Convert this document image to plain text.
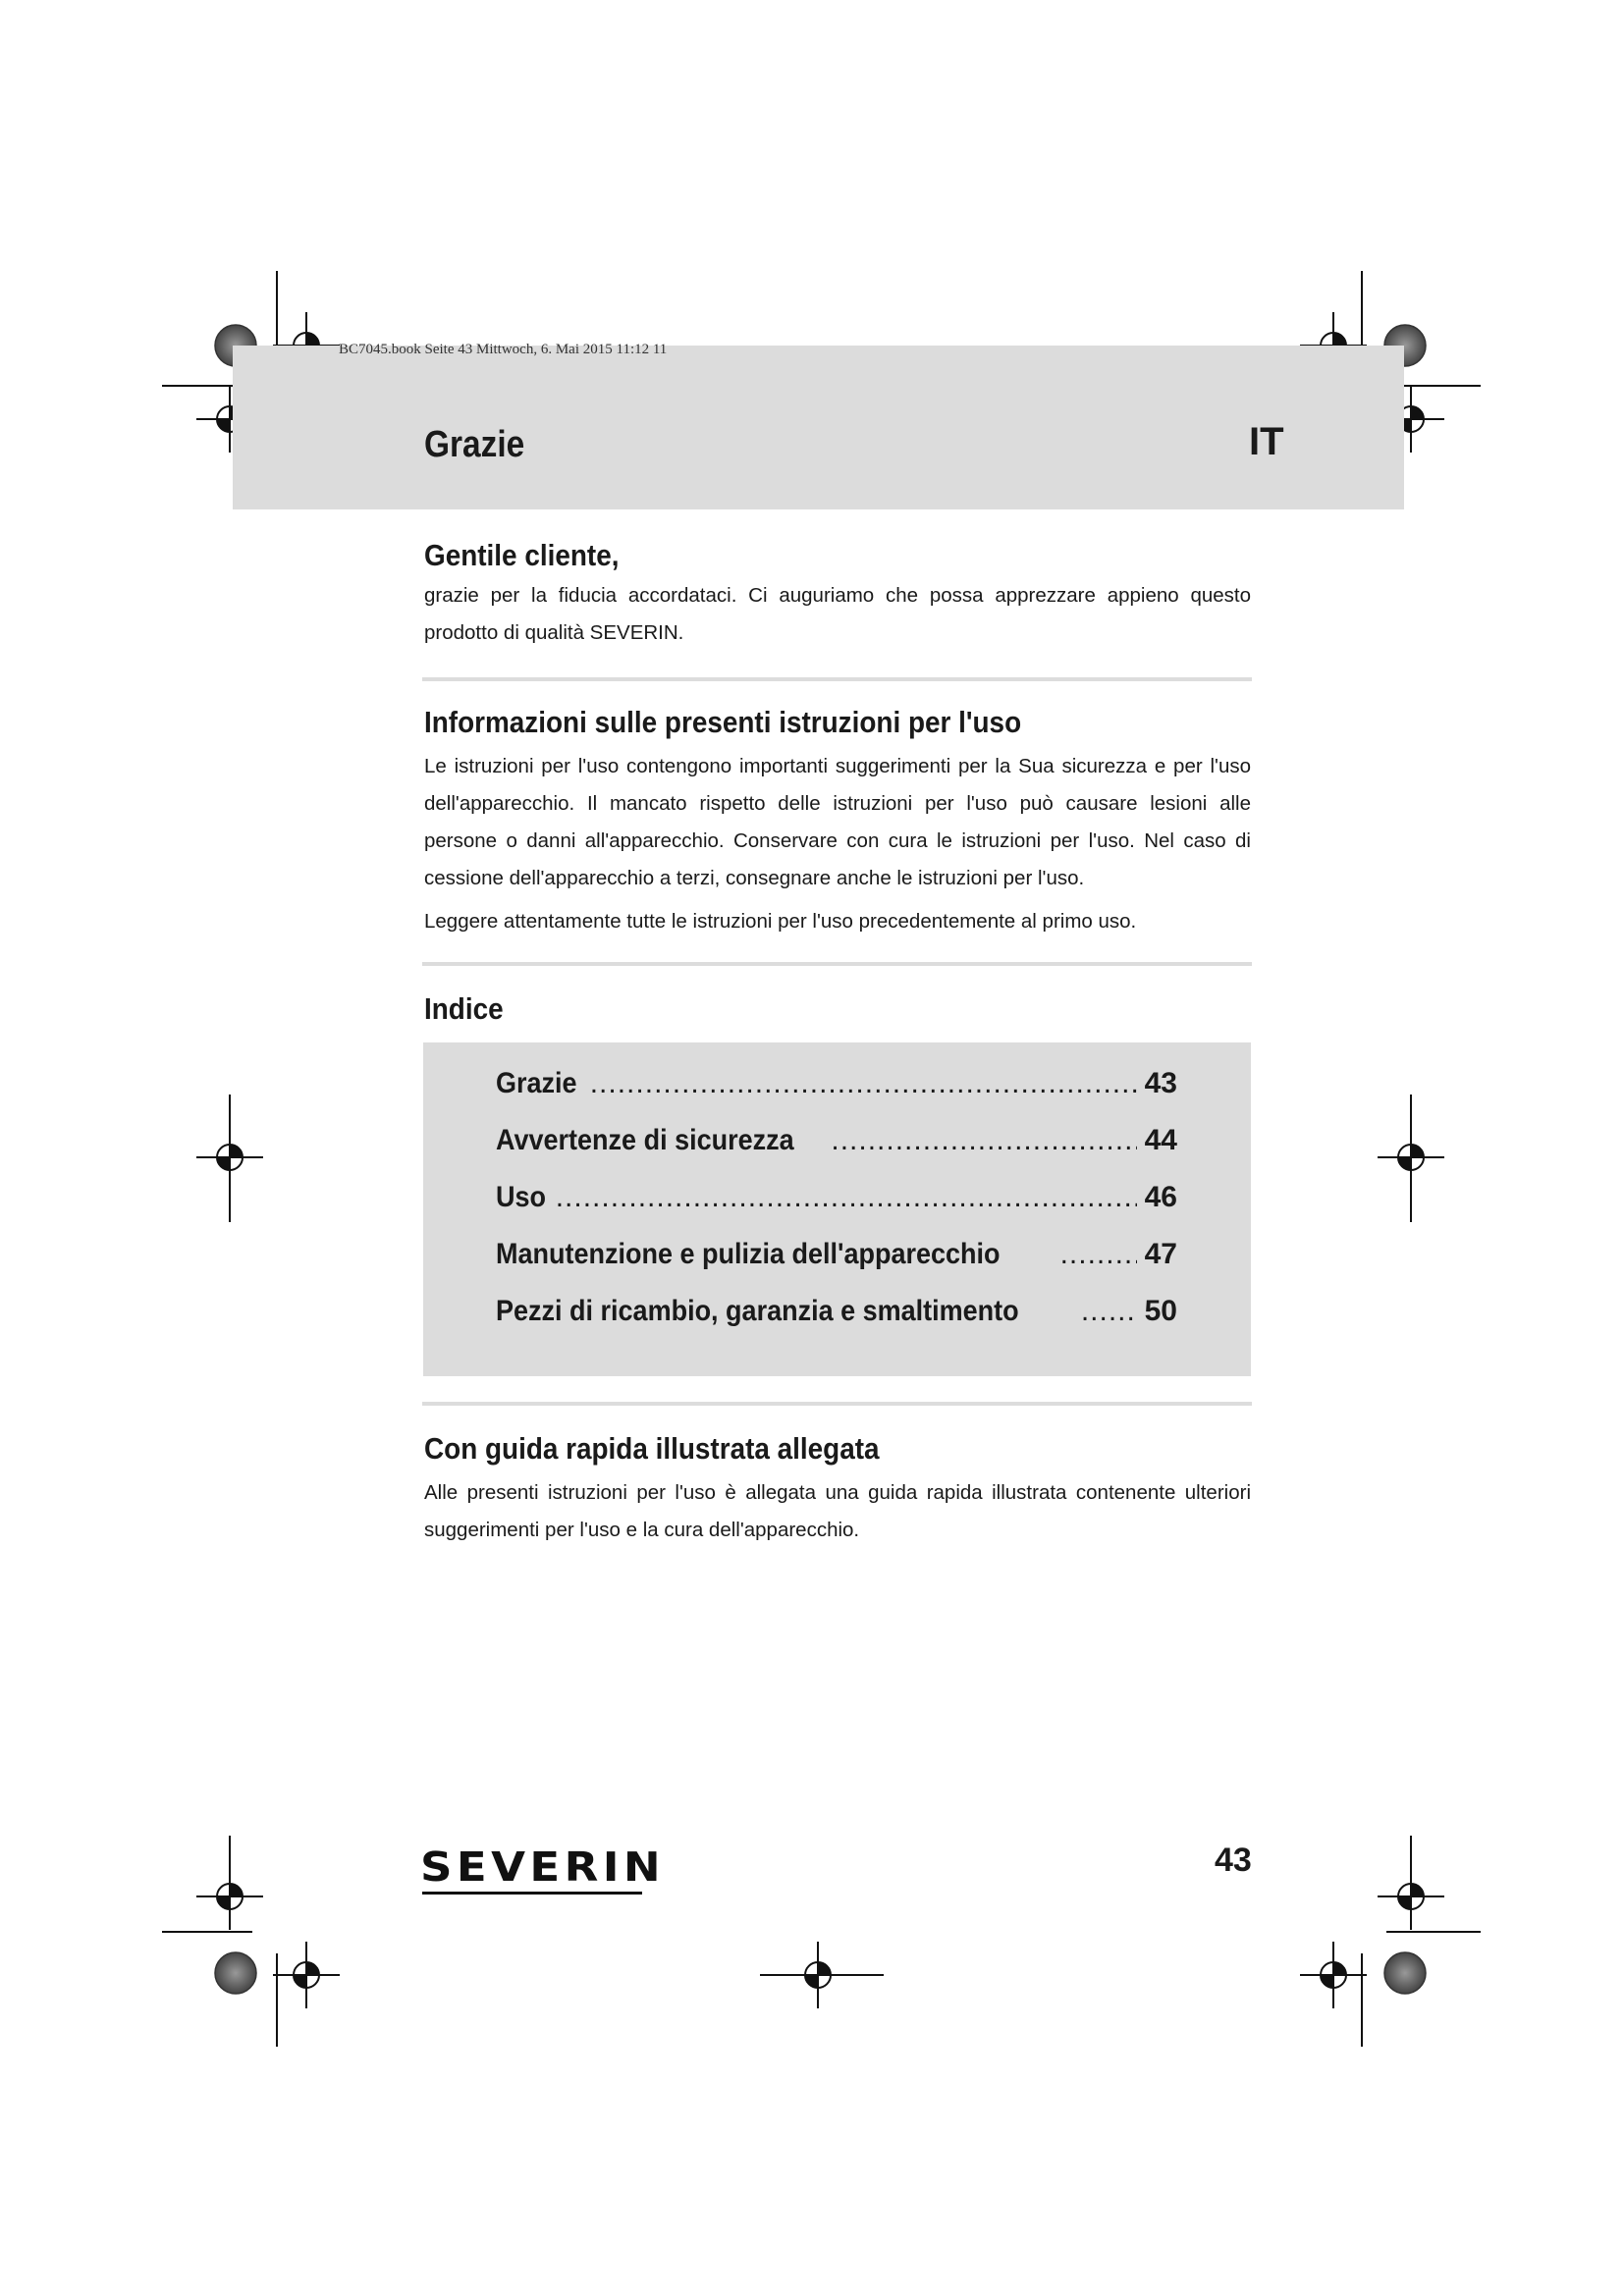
BC7045.book Seite 43 Mittwoch, 6. Mai 2015 11:12 11
Grazie	IT
Gentile cliente,

grazie per la fiducia accordataci. Ci auguriamo che possa apprezzare appieno questo prodotto di qualità SEVERIN.

Informazioni sulle presenti istruzioni per l'uso

Le istruzioni per l'uso contengono importanti suggerimenti per la Sua sicurezza e per l'uso dell'apparecchio. Il mancato rispetto delle istruzioni per l'uso può causare lesioni alle persone o danni all'apparecchio. Conservare con cura le istruzioni per l'uso. Nel caso di cessione dell'apparecchio a terzi, consegnare anche le istruzioni per l'uso.

Leggere attentamente tutte le istruzioni per l'uso precedentemente al primo uso.

Indice
Grazie .....	43
Avvertenze di sicurezza .....	44
Uso .....	46
Manutenzione e pulizia dell'apparecchio .....	47
Pezzi di ricambio, garanzia e smaltimento .....	50
Con guida rapida illustrata allegata

Alle presenti istruzioni per l'uso è allegata una guida rapida illustrata contenente ulteriori suggerimenti per l'uso e la cura dell'apparecchio.

SEVERIN	43
